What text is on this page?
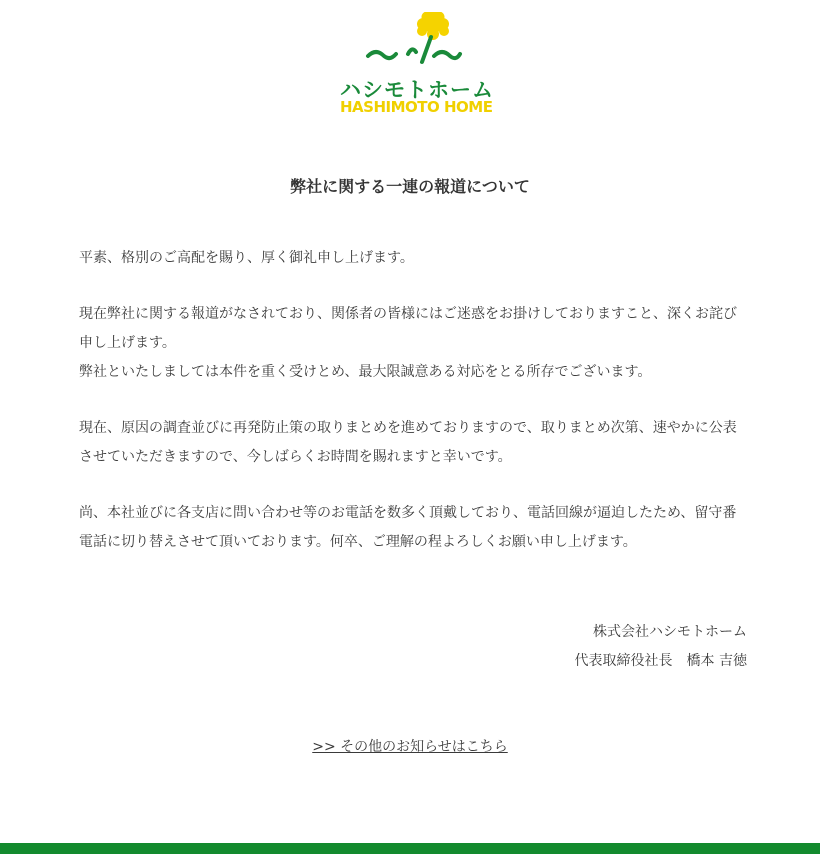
ハシモトホーム
HASHIMOTO HOME
弊社に関する一連の報道について

平素、格別のご高配を賜り、厚く御礼申し上げます。

現在弊社に関する報道がなされており、関係者の皆様にはご迷惑をお掛けしておりますこと、深くお詫び申し上げます。

弊社といたしましては本件を重く受けとめ、最大限誠意ある対応をとる所存でございます。

現在、原因の調査並びに再発防止策の取りまとめを進めておりますので、取りまとめ次第、速やかに公表させていただきますので、今しばらくお時間を賜れますと幸いです。

尚、本社並びに各支店に問い合わせ等のお電話を数多く頂戴しており、電話回線が逼迫したため、留守番電話に切り替えさせて頂いております。何卒、ご理解の程よろしくお願い申し上げます。

株式会社ハシモトホーム
代表取締役社長　橋本 吉徳
>> その他のお知らせはこちら
